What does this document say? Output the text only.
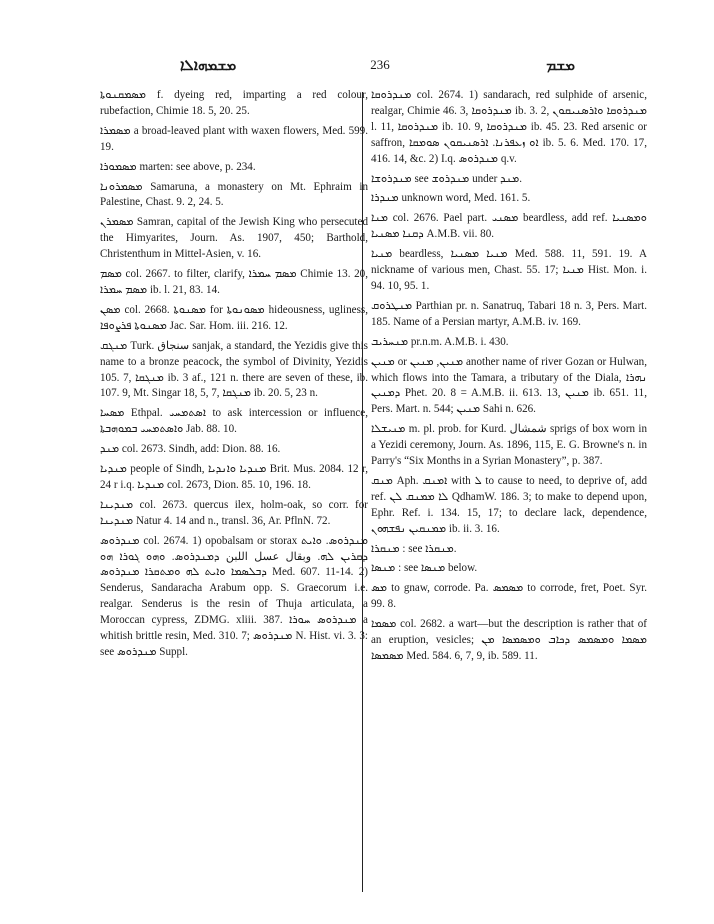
ܡܫܡܗܐܠܐ	236	ܡܫܡ
ܡܣܡܩܢܘܬܐ f. dyeing red, imparting a red colour, rubefaction, Chimie 18. 5, 20. 25.
ܡܣܡܪܐ a broad-leaved plant with waxen flowers, Med. 599. 19.
ܡܣܡܘܪܐ marten: see above, p. 234.
ܡܣܡܪܘܢܐ Samaruna, a monastery on Mt. Ephraim in Palestine, Chast. 9. 2, 24. 5.
ܡܣܡܪܢ Samran, capital of the Jewish King who persecuted the Himyarites, Journ. As. 1907, 450; Barthold, Christenthum in Mittel-Asien, v. 16.
ܡܣܡ col. 2667. to filter, clarify, ܡܣܡ ܚܡܪܐ Chimie 13. 20, ܡܣܡ ܚܡܪܐ ib. l. 21, 83. 14.
ܡܣܢ col. 2668. ܡܣܢܘܬܐ for ܡܣܘܢܘܬܐ hideousness, ugliness, ܡܣܢܘܬܐ ܦܪܨܘܦܐ Jac. Sar. Hom. iii. 216. 12.
ܡܢܓܩ Turk. سنجاق sanjak, a standard, the Yezidis give this name to a bronze peacock, the symbol of Divinity, Yezidis 105. 7, ܡܢܓܩܐ ib. 3 af., 121 n. there are seven of these, ib. 107. 9, Mt. Singar 18, 5, 7, ܡܢܓܩܐ ib. 20. 5, 23 n.
ܡܣܚܐ Ethpal. ܐܣܬܡܚܝ to ask intercession or influence, ܘܐܣܬܡܚܝ ܒܡܘܗܒܬܐ Jab. 88. 10.
ܡܢܕ col. 2673. Sindh, add: Dion. 88. 16.
ܡܢܕܝܐ people of Sindh, ܡܢܕܝܐ ܘܐܢܕܝܐ Brit. Mus. 2084. 12 r, 24 r i.q. ܡܢܕܝܐ col. 2673, Dion. 85. 10, 196. 18.
ܡܢܕܝܢܐ col. 2673. quercus ilex, holm-oak, so corr. for ܡܢܕܝܢܐ Natur 4. 14 and n., transl. 36, Ar. PflnN. 72.
ܡܢܕܪܘܣ col. 2674. 1) opobalsam or storax ܡܢܕܪܘܣ. ܘܐܝܬ ܕܩܪܝܢ ܠܗ. وبقال عسل اللبن ܕܡܢܕܪܘܣ. ܘܗܘ ܓܘܪܐ ܗܘ ܕܒܠܣܡܐ ܘܐܝܬ ܠܗ ܘܡܬܩܪܐ ܡܢܕܪܘܣ Med. 607. 11-14. 2) Senderus, Sandaracha Arabum opp. S. Graecorum i.e. realgar. Senderus is the resin of Thuja articulata, a Moroccan cypress, ZDMG. xliii. 387. ܡܢܕܪܘܣ ܚܘܪܐ a whitish brittle resin, Med. 310. 7; ܡܢܕܪܘܣ N. Hist. vi. 3. 3: see ܡܢܕܪܘܣ Suppl.
ܡܢܕܪܘܩܐ col. 2674. 1) sandarach, red sulphide of arsenic, realgar, Chimie 46. 3, ܡܢܕܪܘܩܐ ib. 3. 2, ܡܢܕܪܘܩܐ ܘܐܪܣܢܝܩܘܢ l. 11, ܡܢܕܪܘܩܐ ib. 10. 9, ܡܢܕܪܘܩܐ ib. 45. 23. Red arsenic or saffron, ܐܘ ܙܥܦܪܢܐ. ܐܪܣܢܝܩܘܢ ܣܘܡܩܐ ib. 5. 6. Med. 170. 17, 416. 14, &c. 2) I.q. ܡܢܕܪܘܣ q.v.
ܡܢܕܪܘܫܐ see ܡܢܕܪܘܫ under ܡܢܕ.
ܡܢܕܪܐ unknown word, Med. 161. 5.
ܡܢܐ col. 2676. Pael part. ܡܣܢܝ beardless, add ref. ܘܡܣܢܝܐ ܕܩܢܐ ܡܣܢܝܐ A.M.B. vii. 80.
ܡܢܝܐ beardless, ܡܢܝܐ ܡܣܢܝܐ Med. 588. 11, 591. 19. A nickname of various men, Chast. 55. 17; ܡܢܝܐ Hist. Mon. i. 94. 10, 95. 1.
ܡܢܛܪܘܩ Parthian pr. n. Sanatruq, Tabari 18 n. 3, Pers. Mart. 185. Name of a Persian martyr, A.M.B. iv. 169.
ܡܢܚܪܝܒ pr.n.m. A.M.B. i. 430.
ܡܢܝܢ or ܡܢܝܢ, ܡܢܝܢ another name of river Gozan or Hulwan, which flows into the Tamara, a tributary of the Diala, ܢܗܪܐ ܕܡܢܝܢ Phet. 20. 8 = A.M.B. ii. 613. 13, ܡܢܝܢ ib. 651. 11, Pers. Mart. n. 544; ܡܢܝܢ Sahi n. 626.
ܡܢܝܫܠܐ m. pl. prob. for Kurd. شمشال sprigs of box worn in a Yezidi ceremony, Journ. As. 1896, 115, E. G. Browne's n. in Parry's “Six Months in a Syrian Monastery”, p. 387.
ܡܢܩ Aph. ܐܡܢܩ with ܠ to cause to need, to deprive of, add ref. ܠܐ ܡܡܢܩ ܠܢ QdhamW. 186. 3; to make to depend upon, Ephr. Ref. i. 134. 15, 17; to declare lack, dependence, ܡܡܢܩܝܢ ܢܦܫܗܘܢ ib. ii. 3. 16.
ܡܢܩܪܐ : see ܡܢܩܪܐ.
ܡܢܣܐ : see ܡܢܣܐ below.
ܡܣ to gnaw, corrode. Pa. ܡܣܡܣ to corrode, fret, Poet. Syr. 99. 8.
ܡܣܡܐ col. 2682. a wart—but the description is rather that of an eruption, vesicles; ܡܣܡܐ ܘܡܣܡܣ ܕܟܐܒ ܘܡܣܡܣܐ ܡܢ ܡܣܡܣܐ Med. 584. 6, 7, 9, ib. 589. 11.
